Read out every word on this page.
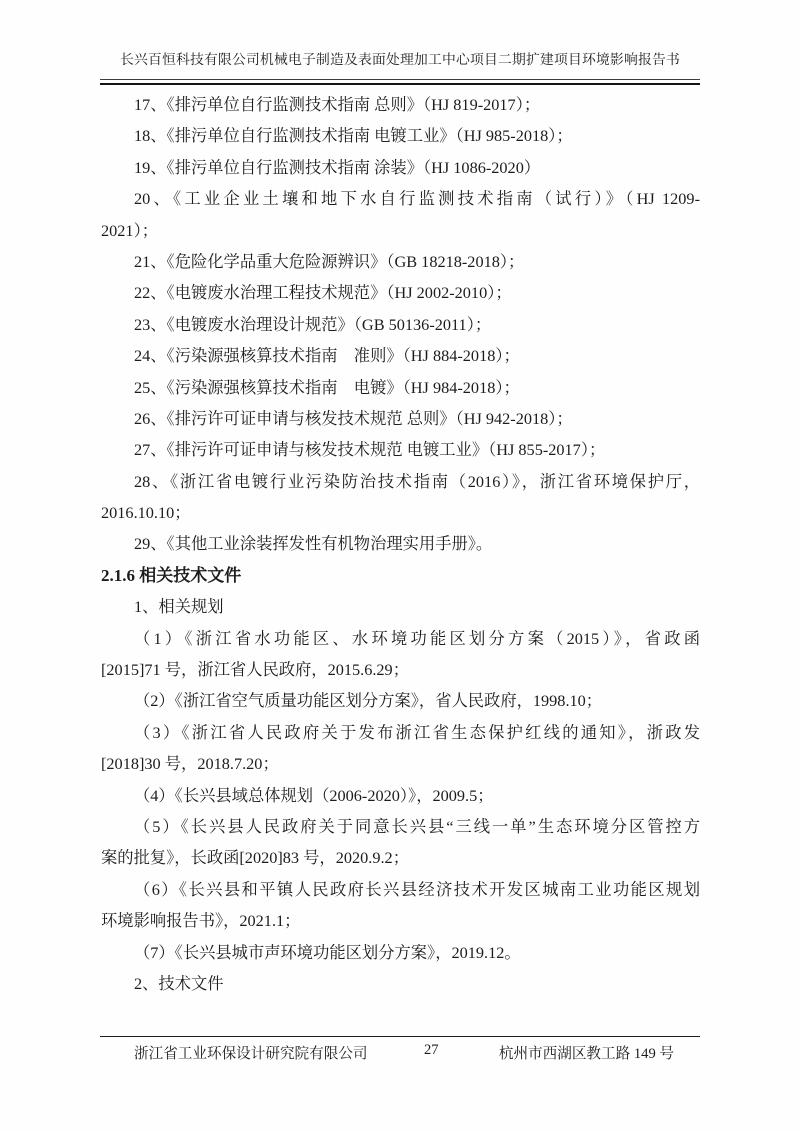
长兴百恒科技有限公司机械电子制造及表面处理加工中心项目二期扩建项目环境影响报告书

17、《排污单位自行监测技术指南 总则》（HJ 819-2017）；

18、《排污单位自行监测技术指南 电镀工业》（HJ 985-2018）；

19、《排污单位自行监测技术指南 涂装》（HJ 1086-2020）

20、《工业企业土壤和地下水自行监测技术指南（试行）》（HJ 1209-

2021）；

21、《危险化学品重大危险源辨识》（GB 18218-2018）；

22、《电镀废水治理工程技术规范》（HJ 2002-2010）；

23、《电镀废水治理设计规范》（GB 50136-2011）；

24、《污染源强核算技术指南　准则》（HJ 884-2018）；

25、《污染源强核算技术指南　电镀》（HJ 984-2018）；

26、《排污许可证申请与核发技术规范 总则》（HJ 942-2018）；

27、《排污许可证申请与核发技术规范 电镀工业》（HJ 855-2017）；

28、《浙江省电镀行业污染防治技术指南（2016）》，浙江省环境保护厅，

2016.10.10；

29、《其他工业涂装挥发性有机物治理实用手册》。

2.1.6 相关技术文件

1、相关规划

（1）《浙江省水功能区、水环境功能区划分方案（2015）》，省政函

[2015]71 号，浙江省人民政府，2015.6.29；

（2）《浙江省空气质量功能区划分方案》，省人民政府，1998.10；

（3）《浙江省人民政府关于发布浙江省生态保护红线的通知》，浙政发

[2018]30 号，2018.7.20；

（4）《长兴县域总体规划（2006-2020）》，2009.5；

（5）《长兴县人民政府关于同意长兴县“三线一单”生态环境分区管控方

案的批复》，长政函[2020]83 号，2020.9.2；

（6）《长兴县和平镇人民政府长兴县经济技术开发区城南工业功能区规划

环境影响报告书》，2021.1；

（7）《长兴县城市声环境功能区划分方案》，2019.12。

2、技术文件

浙江省工业环保设计研究院有限公司	27	杭州市西湖区教工路 149 号
